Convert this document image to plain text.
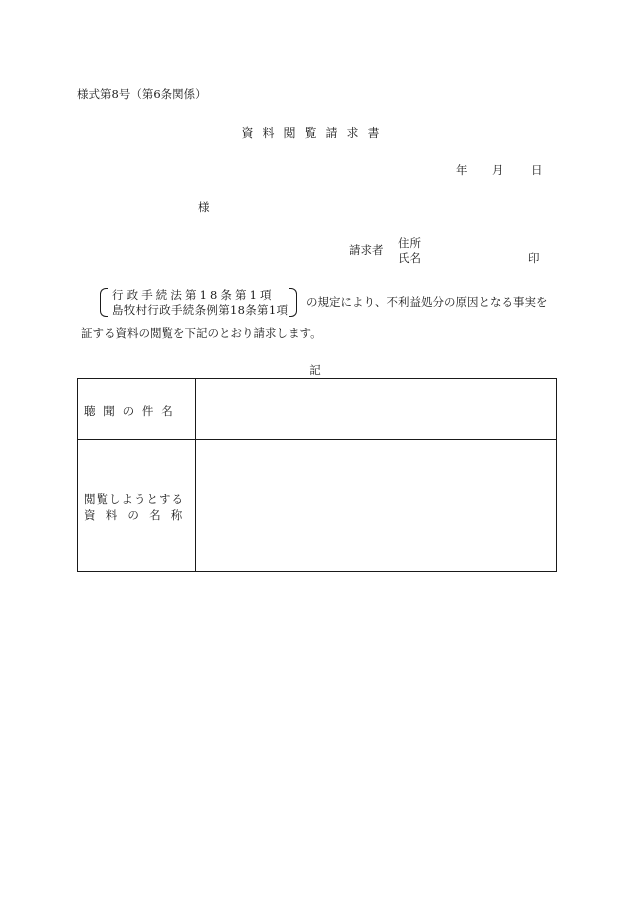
様式第8号（第6条関係）
資料閲覧請求書
年 月 日
様
請求者 住所
氏名	印
行政手続法第18条第1項
島牧村行政手続条例第18条第1項
の規定により、不利益処分の原因となる事実を
証する資料の閲覧を下記のとおり請求します。
記
聴聞の件名
閲覧しようとする
資料の名称
